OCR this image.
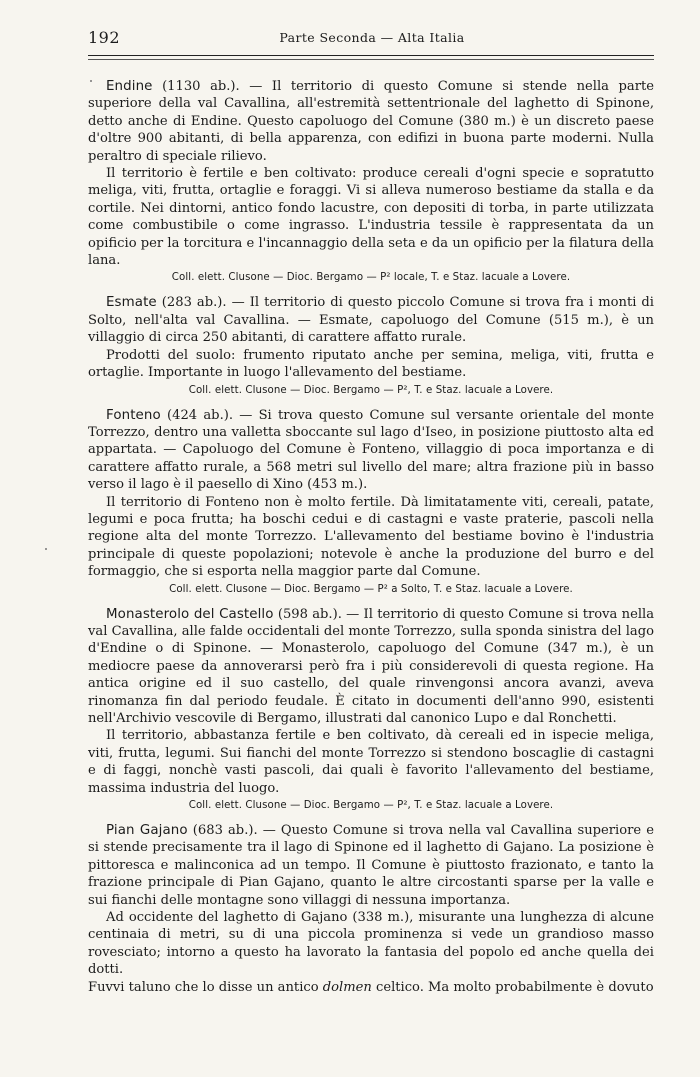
192	Parte Seconda — Alta Italia

Endine (1130 ab.). — Il territorio di questo Comune si stende nella parte superiore della val Cavallina, all'estremità settentrionale del laghetto di Spinone, detto anche di Endine. Questo capoluogo del Comune (380 m.) è un discreto paese d'oltre 900 abitanti, di bella apparenza, con edifizi in buona parte moderni. Nulla peraltro di speciale rilievo.

Il territorio è fertile e ben coltivato: produce cereali d'ogni specie e sopratutto meliga, viti, frutta, ortaglie e foraggi. Vi si alleva numeroso bestiame da stalla e da cortile. Nei dintorni, antico fondo lacustre, con depositi di torba, in parte utilizzata come combustibile o come ingrasso. L'industria tessile è rappresentata da un opificio per la torcitura e l'incannaggio della seta e da un opificio per la filatura della lana.

Coll. elett. Clusone — Dioc. Bergamo — P² locale, T. e Staz. lacuale a Lovere.

Esmate (283 ab.). — Il territorio di questo piccolo Comune si trova fra i monti di Solto, nell'alta val Cavallina. — Esmate, capoluogo del Comune (515 m.), è un villaggio di circa 250 abitanti, di carattere affatto rurale.

Prodotti del suolo: frumento riputato anche per semina, meliga, viti, frutta e ortaglie. Importante in luogo l'allevamento del bestiame.

Coll. elett. Clusone — Dioc. Bergamo — P², T. e Staz. lacuale a Lovere.

Fonteno (424 ab.). — Si trova questo Comune sul versante orientale del monte Torrezzo, dentro una valletta sboccante sul lago d'Iseo, in posizione piuttosto alta ed appartata. — Capoluogo del Comune è Fonteno, villaggio di poca importanza e di carattere affatto rurale, a 568 metri sul livello del mare; altra frazione più in basso verso il lago è il paesello di Xino (453 m.).

Il territorio di Fonteno non è molto fertile. Dà limitatamente viti, cereali, patate, legumi e poca frutta; ha boschi cedui e di castagni e vaste praterie, pascoli nella regione alta del monte Torrezzo. L'allevamento del bestiame bovino è l'industria principale di queste popolazioni; notevole è anche la produzione del burro e del formaggio, che si esporta nella maggior parte dal Comune.

Coll. elett. Clusone — Dioc. Bergamo — P² a Solto, T. e Staz. lacuale a Lovere.

Monasterolo del Castello (598 ab.). — Il territorio di questo Comune si trova nella val Cavallina, alle falde occidentali del monte Torrezzo, sulla sponda sinistra del lago d'Endine o di Spinone. — Monasterolo, capoluogo del Comune (347 m.), è un mediocre paese da annoverarsi però fra i più considerevoli di questa regione. Ha antica origine ed il suo castello, del quale rinvengonsi ancora avanzi, aveva rinomanza fin dal periodo feudale. È citato in documenti dell'anno 990, esistenti nell'Archivio vescovile di Bergamo, illustrati dal canonico Lupo e dal Ronchetti.

Il territorio, abbastanza fertile e ben coltivato, dà cereali ed in ispecie meliga, viti, frutta, legumi. Sui fianchi del monte Torrezzo si stendono boscaglie di castagni e di faggi, nonchè vasti pascoli, dai quali è favorito l'allevamento del bestiame, massima industria del luogo.

Coll. elett. Clusone — Dioc. Bergamo — P², T. e Staz. lacuale a Lovere.

Pian Gajano (683 ab.). — Questo Comune si trova nella val Cavallina superiore e si stende precisamente tra il lago di Spinone ed il laghetto di Gajano. La posizione è pittoresca e malinconica ad un tempo. Il Comune è piuttosto frazionato, e tanto la frazione principale di Pian Gajano, quanto le altre circostanti sparse per la valle e sui fianchi delle montagne sono villaggi di nessuna importanza.

Ad occidente del laghetto di Gajano (338 m.), misurante una lunghezza di alcune centinaia di metri, su di una piccola prominenza si vede un grandioso masso rovesciato; intorno a questo ha lavorato la fantasia del popolo ed anche quella dei dotti.

Fuvvi taluno che lo disse un antico dolmen celtico. Ma molto probabilmente è dovuto
